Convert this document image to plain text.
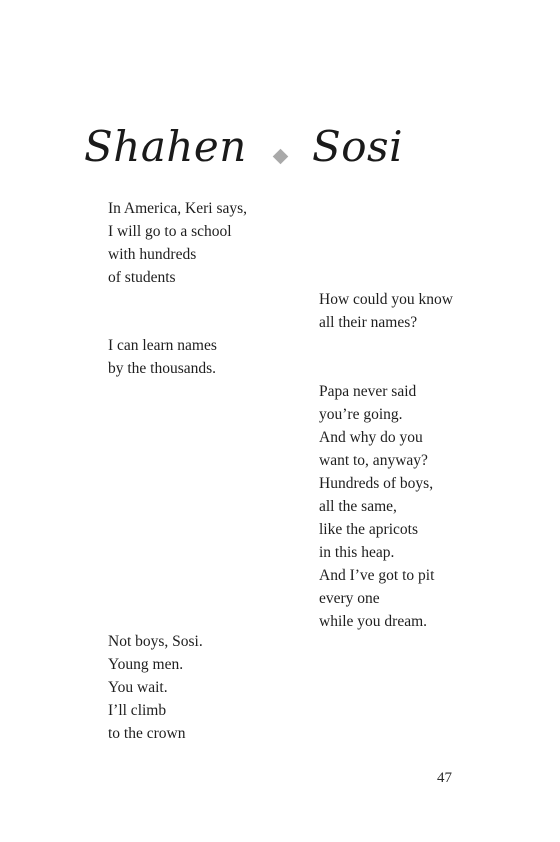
Shahen Sosi
In America, Keri says,
I will go to a school
with hundreds
of students
How could you know
all their names?
I can learn names
by the thousands.
Papa never said
you’re going.
And why do you
want to, anyway?
Hundreds of boys,
all the same,
like the apricots
in this heap.
And I’ve got to pit
every one
while you dream.
Not boys, Sosi.
Young men.
You wait.
I’ll climb
to the crown
47
